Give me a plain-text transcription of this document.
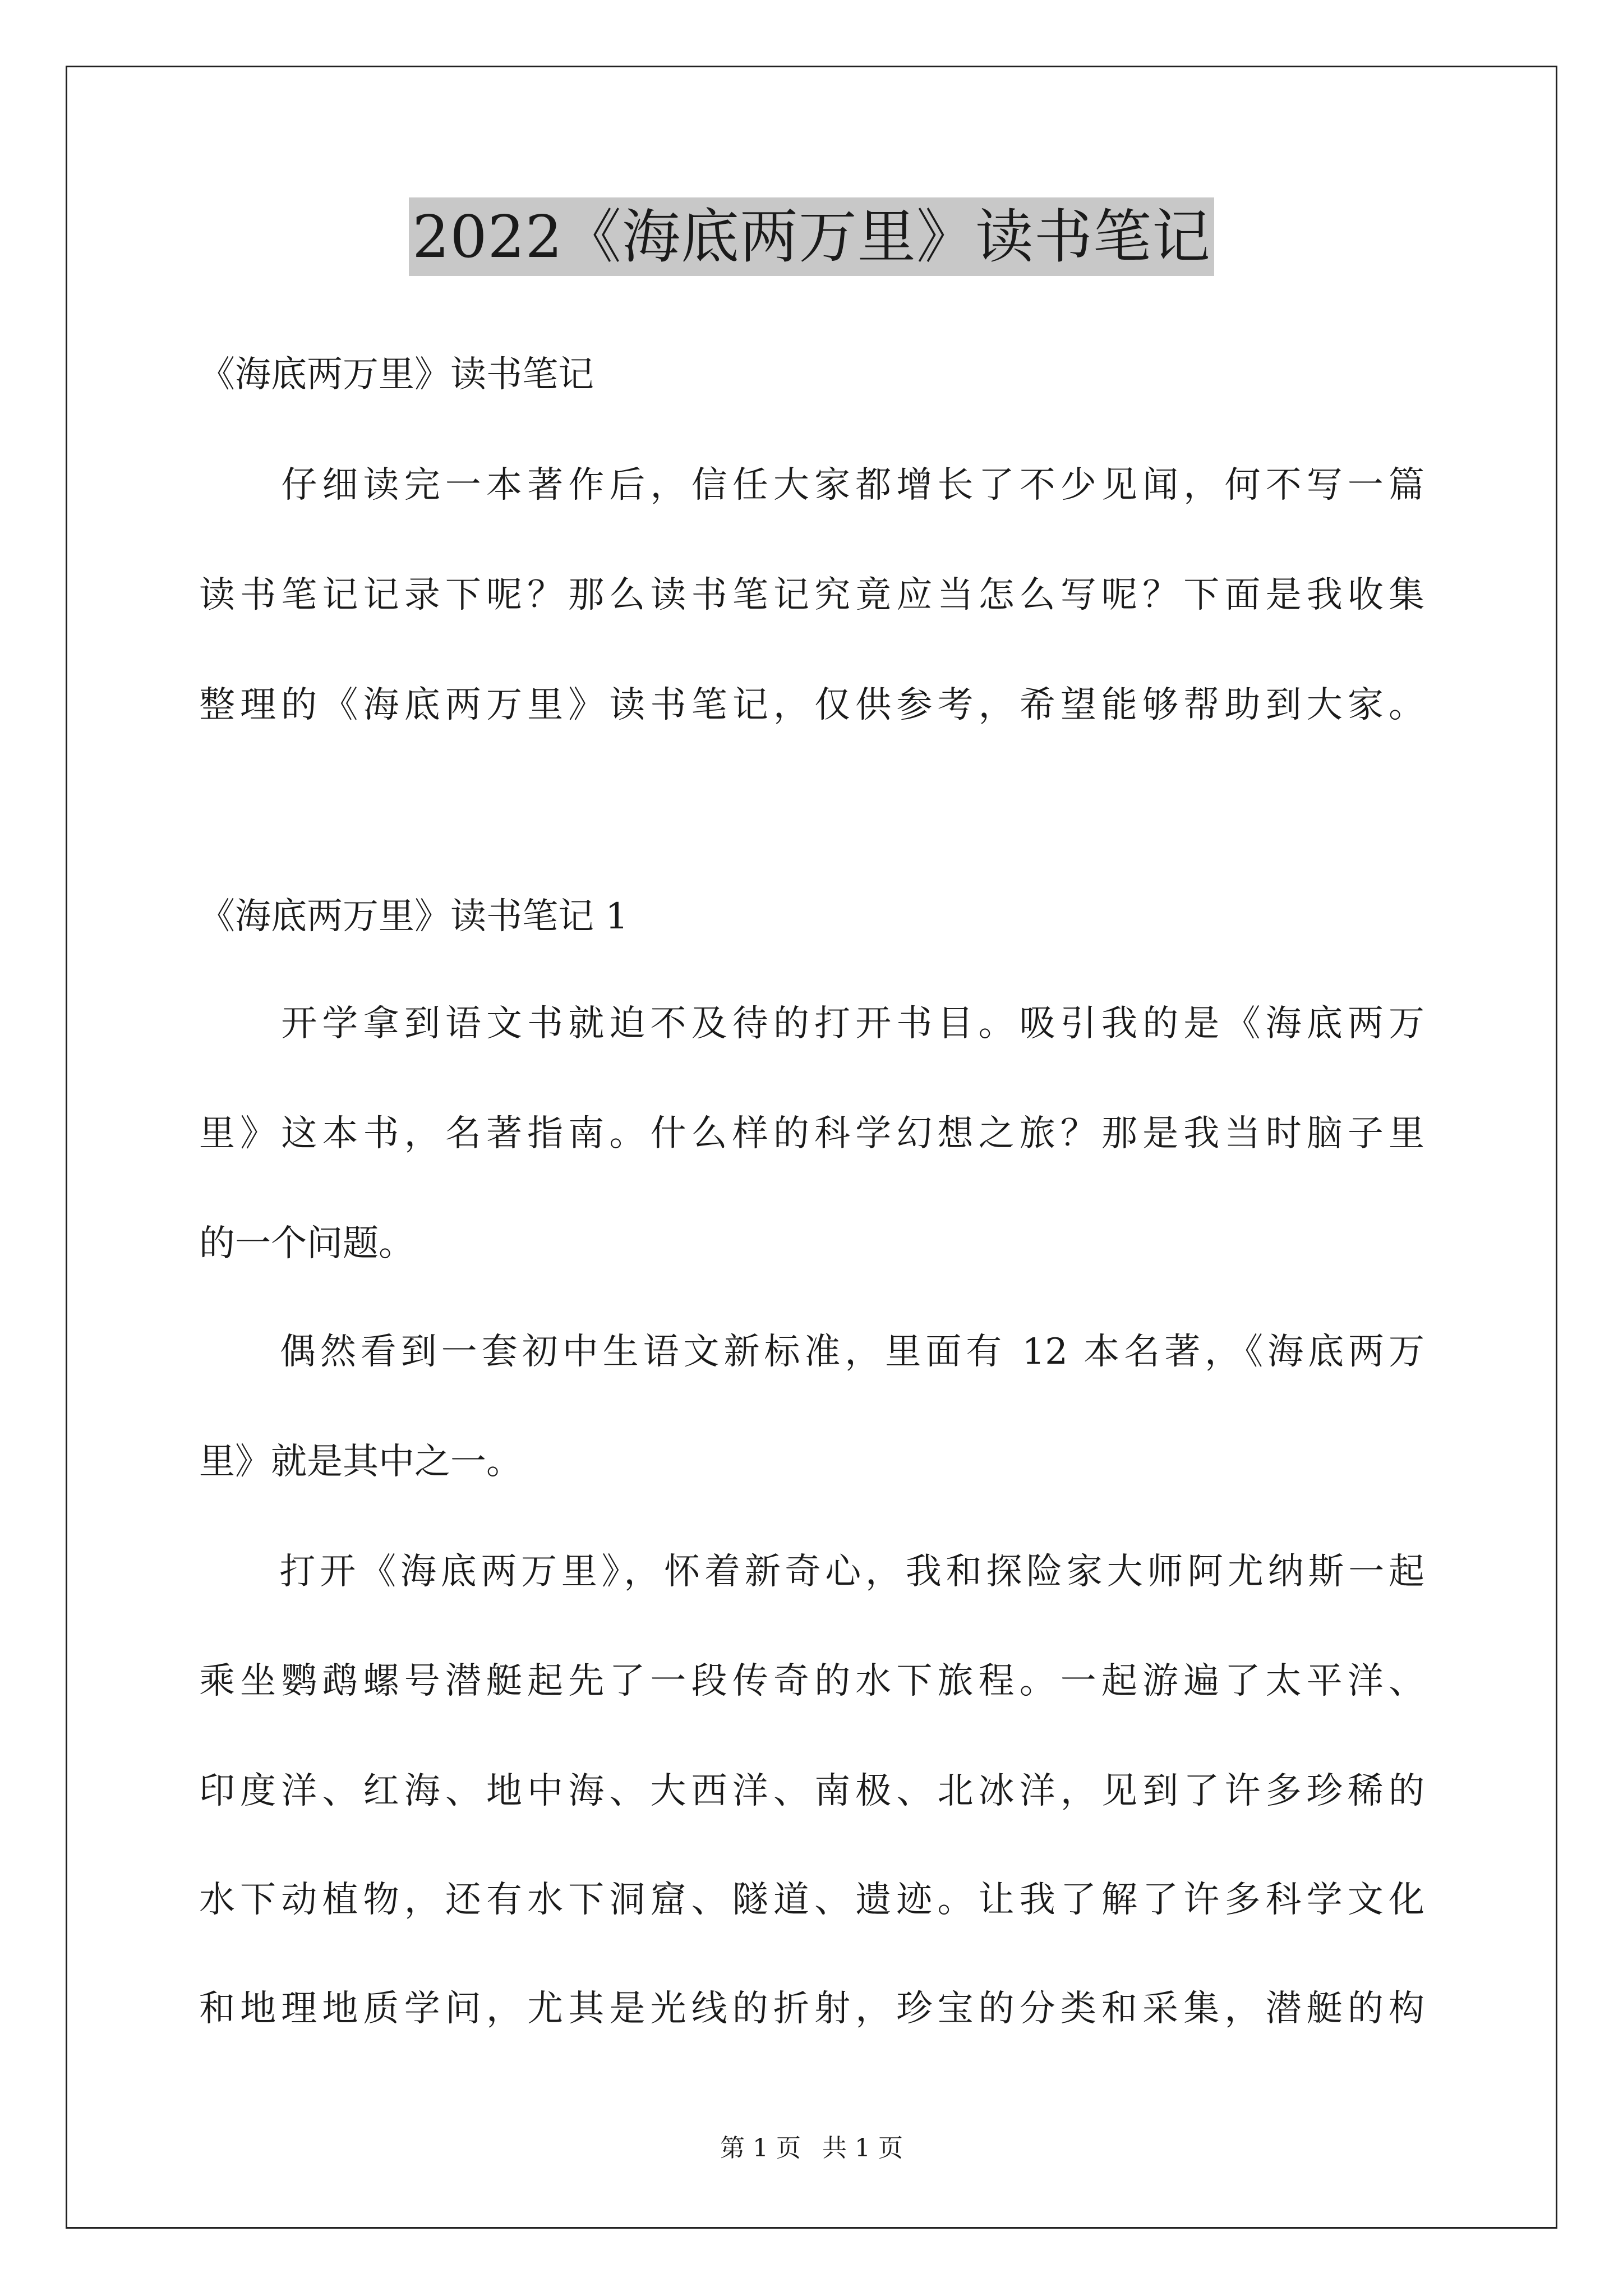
2022《海底两万里》读书笔记
《海底两万里》读书笔记
　　仔细读完一本著作后，信任大家都增长了不少见闻，何不写一篇
读书笔记记录下呢？那么读书笔记究竟应当怎么写呢？下面是我收集
整理的《海底两万里》读书笔记，仅供参考，希望能够帮助到大家。
《海底两万里》读书笔记 1
　　开学拿到语文书就迫不及待的打开书目。吸引我的是《海底两万
里》这本书，名著指南。什么样的科学幻想之旅？那是我当时脑子里
的一个问题。
　　偶然看到一套初中生语文新标准，里面有 12 本名著，《海底两万
里》就是其中之一。
　　打开《海底两万里》，怀着新奇心，我和探险家大师阿尤纳斯一起
乘坐鹦鹉螺号潜艇起先了一段传奇的水下旅程。一起游遍了太平洋、
印度洋、红海、地中海、大西洋、南极、北冰洋，见到了许多珍稀的
水下动植物，还有水下洞窟、隧道、遗迹。让我了解了许多科学文化
和地理地质学问，尤其是光线的折射，珍宝的分类和采集，潜艇的构
第 1 页 共 1 页
